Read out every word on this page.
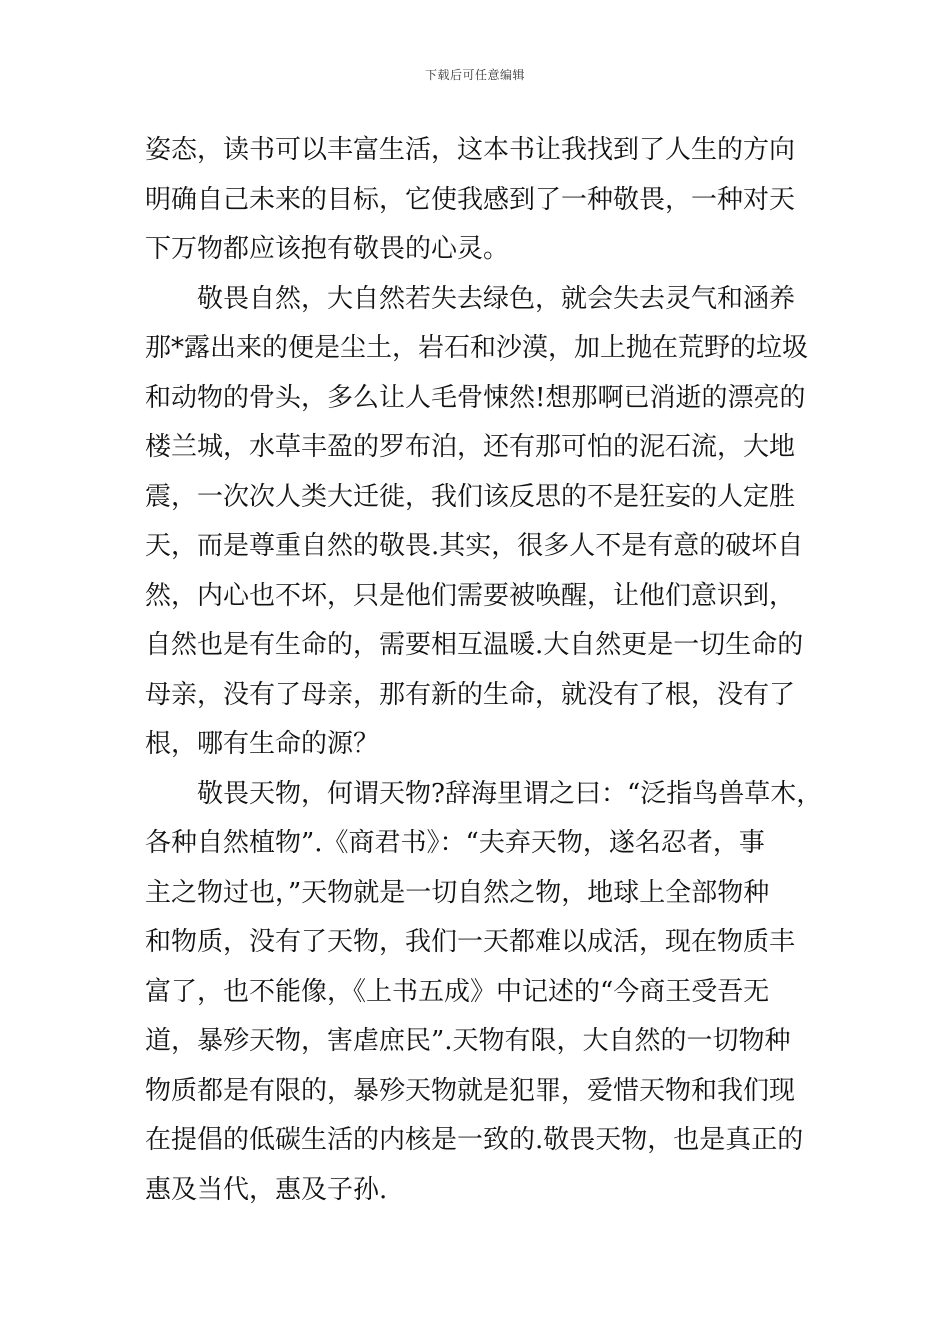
下载后可任意编辑
姿态，读书可以丰富生活，这本书让我找到了人生的方向
明确自己未来的目标，它使我感到了一种敬畏，一种对天
下万物都应该抱有敬畏的心灵。
敬畏自然，大自然若失去绿色，就会失去灵气和涵养
那*露出来的便是尘土，岩石和沙漠，加上抛在荒野的垃圾
和动物的骨头，多么让人毛骨悚然!想那啊已消逝的漂亮的
楼兰城，水草丰盈的罗布泊，还有那可怕的泥石流，大地
震，一次次人类大迁徙，我们该反思的不是狂妄的人定胜
天，而是尊重自然的敬畏.其实，很多人不是有意的破坏自
然，内心也不坏，只是他们需要被唤醒，让他们意识到，
自然也是有生命的，需要相互温暖.大自然更是一切生命的
母亲，没有了母亲，那有新的生命，就没有了根，没有了
根，哪有生命的源？
敬畏天物，何谓天物?辞海里谓之曰：“泛指鸟兽草木，
各种自然植物”.《商君书》：“夫弃天物，遂名忍者，事
主之物过也，”天物就是一切自然之物，地球上全部物种
和物质，没有了天物，我们一天都难以成活，现在物质丰
富了，也不能像，《上书五成》中记述的“今商王受吾无
道，暴殄天物，害虐庶民”.天物有限，大自然的一切物种
物质都是有限的，暴殄天物就是犯罪，爱惜天物和我们现
在提倡的低碳生活的内核是一致的.敬畏天物，也是真正的
惠及当代，惠及子孙.
